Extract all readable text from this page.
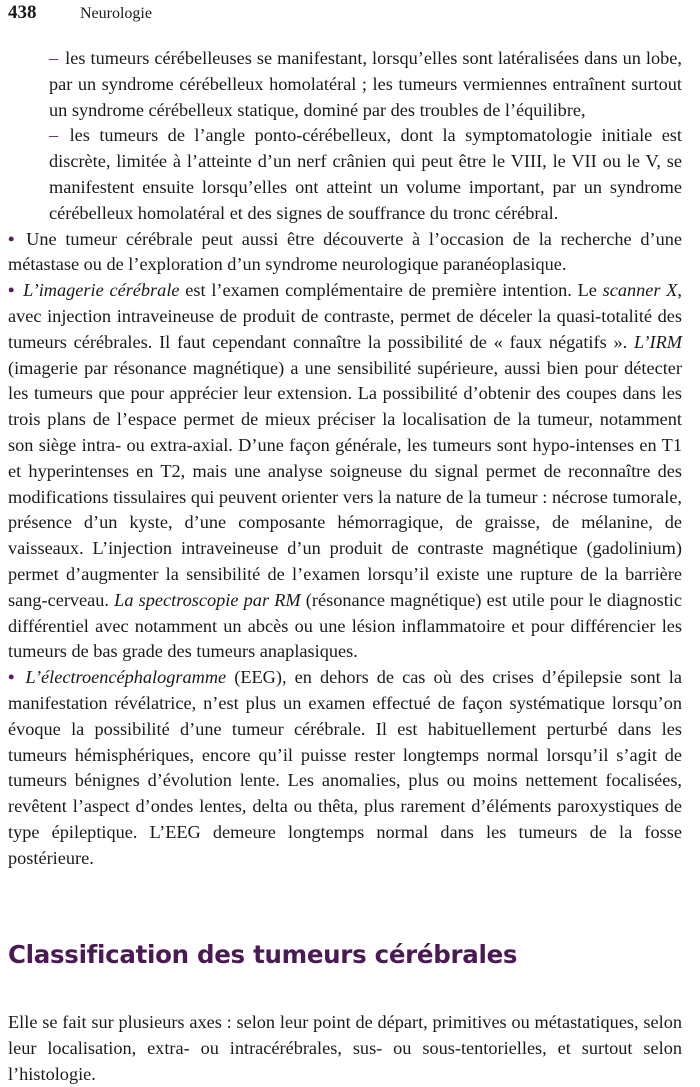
438	Neurologie

– les tumeurs cérébelleuses se manifestant, lorsqu’elles sont latéralisées dans un lobe, par un syndrome cérébelleux homolatéral ; les tumeurs vermiennes entraînent surtout un syndrome cérébelleux statique, dominé par des troubles de l’équilibre,

– les tumeurs de l’angle ponto-cérébelleux, dont la symptomatologie initiale est discrète, limitée à l’atteinte d’un nerf crânien qui peut être le VIII, le VII ou le V, se manifestent ensuite lorsqu’elles ont atteint un volume important, par un syndrome cérébelleux homolatéral et des signes de souffrance du tronc cérébral.

• Une tumeur cérébrale peut aussi être découverte à l’occasion de la recherche d’une métastase ou de l’exploration d’un syndrome neurologique paranéoplasique.

• L’imagerie cérébrale est l’examen complémentaire de première intention. Le scanner X, avec injection intraveineuse de produit de contraste, permet de déceler la quasi-totalité des tumeurs cérébrales. Il faut cependant connaître la possibilité de « faux négatifs ». L’IRM (imagerie par résonance magnétique) a une sensibilité supérieure, aussi bien pour détecter les tumeurs que pour apprécier leur extension. La possibilité d’obtenir des coupes dans les trois plans de l’espace permet de mieux préciser la localisation de la tumeur, notamment son siège intra- ou extra-axial. D’une façon générale, les tumeurs sont hypo-intenses en T1 et hyperintenses en T2, mais une analyse soigneuse du signal permet de reconnaître des modifications tissulaires qui peuvent orienter vers la nature de la tumeur : nécrose tumorale, présence d’un kyste, d’une composante hémorragique, de graisse, de mélanine, de vaisseaux. L’injection intraveineuse d’un produit de contraste magnétique (gadolinium) permet d’augmenter la sensibilité de l’examen lorsqu’il existe une rupture de la barrière sang-cerveau. La spectroscopie par RM (résonance magnétique) est utile pour le diagnostic différentiel avec notamment un abcès ou une lésion inflammatoire et pour différencier les tumeurs de bas grade des tumeurs anaplasiques.

• L’électroencéphalogramme (EEG), en dehors de cas où des crises d’épilepsie sont la manifestation révélatrice, n’est plus un examen effectué de façon systématique lorsqu’on évoque la possibilité d’une tumeur cérébrale. Il est habituellement perturbé dans les tumeurs hémisphériques, encore qu’il puisse rester longtemps normal lorsqu’il s’agit de tumeurs bénignes d’évolution lente. Les anomalies, plus ou moins nettement focalisées, revêtent l’aspect d’ondes lentes, delta ou thêta, plus rarement d’éléments paroxystiques de type épileptique. L’EEG demeure longtemps normal dans les tumeurs de la fosse postérieure.

Classification des tumeurs cérébrales

Elle se fait sur plusieurs axes : selon leur point de départ, primitives ou métastatiques, selon leur localisation, extra- ou intracérébrales, sus- ou sous-tentorielles, et surtout selon l’histologie.
